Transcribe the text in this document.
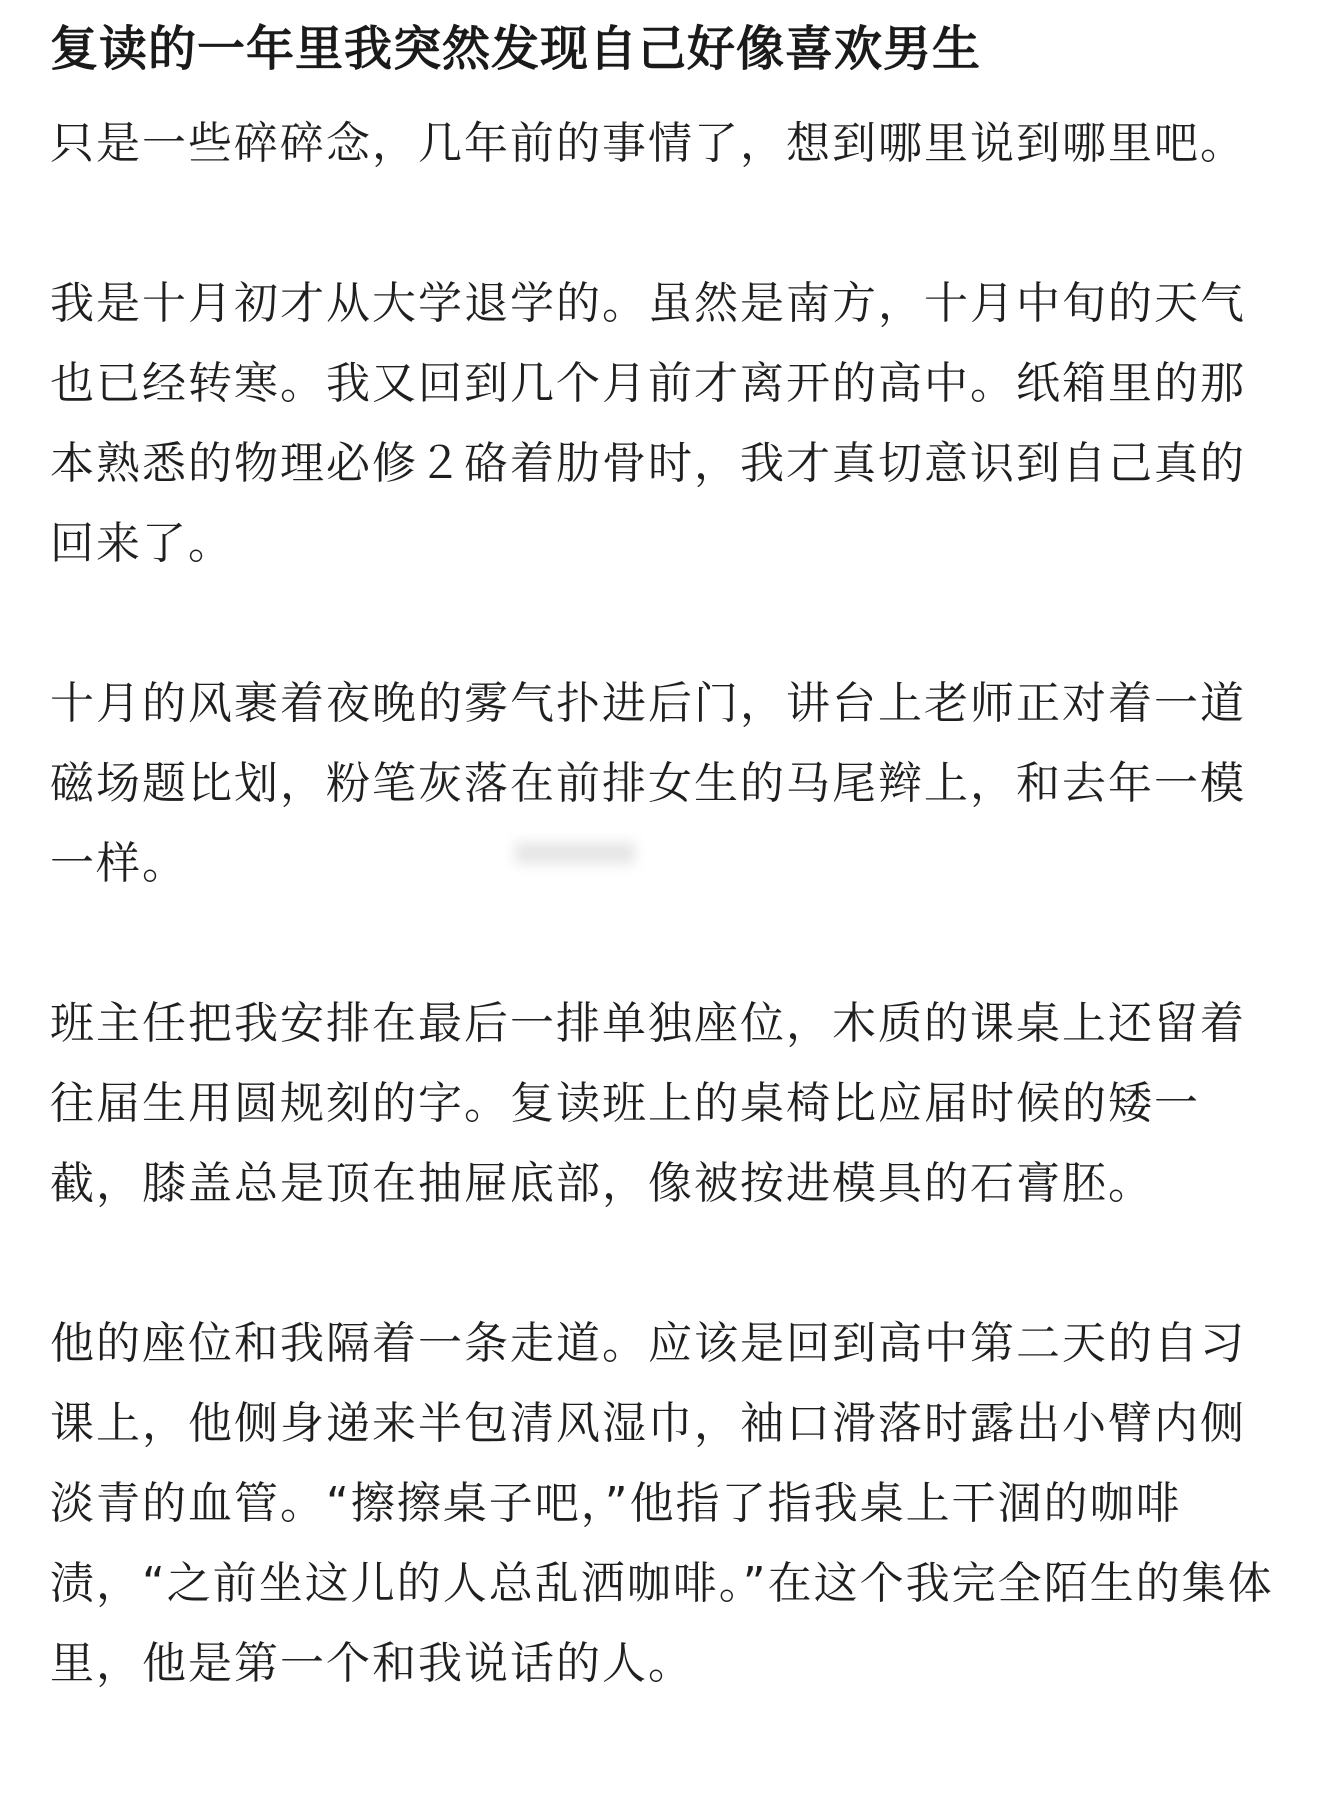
复读的一年里我突然发现自己好像喜欢男生
只是一些碎碎念，几年前的事情了，想到哪里说到哪里吧。
我是十月初才从大学退学的。虽然是南方，十月中旬的天气也已经转寒。我又回到几个月前才离开的高中。纸箱里的那本熟悉的物理必修２硌着肋骨时，我才真切意识到自己真的回来了。
十月的风裹着夜晚的雾气扑进后门，讲台上老师正对着一道磁场题比划，粉笔灰落在前排女生的马尾辫上，和去年一模一样。
班主任把我安排在最后一排单独座位，木质的课桌上还留着往届生用圆规刻的字。复读班上的桌椅比应届时候的矮一截，膝盖总是顶在抽屉底部，像被按进模具的石膏胚。
他的座位和我隔着一条走道。应该是回到高中第二天的自习课上，他侧身递来半包清风湿巾，袖口滑落时露出小臂内侧淡青的血管。“擦擦桌子吧，”他指了指我桌上干涸的咖啡渍，“之前坐这儿的人总乱洒咖啡。”在这个我完全陌生的集体里，他是第一个和我说话的人。
